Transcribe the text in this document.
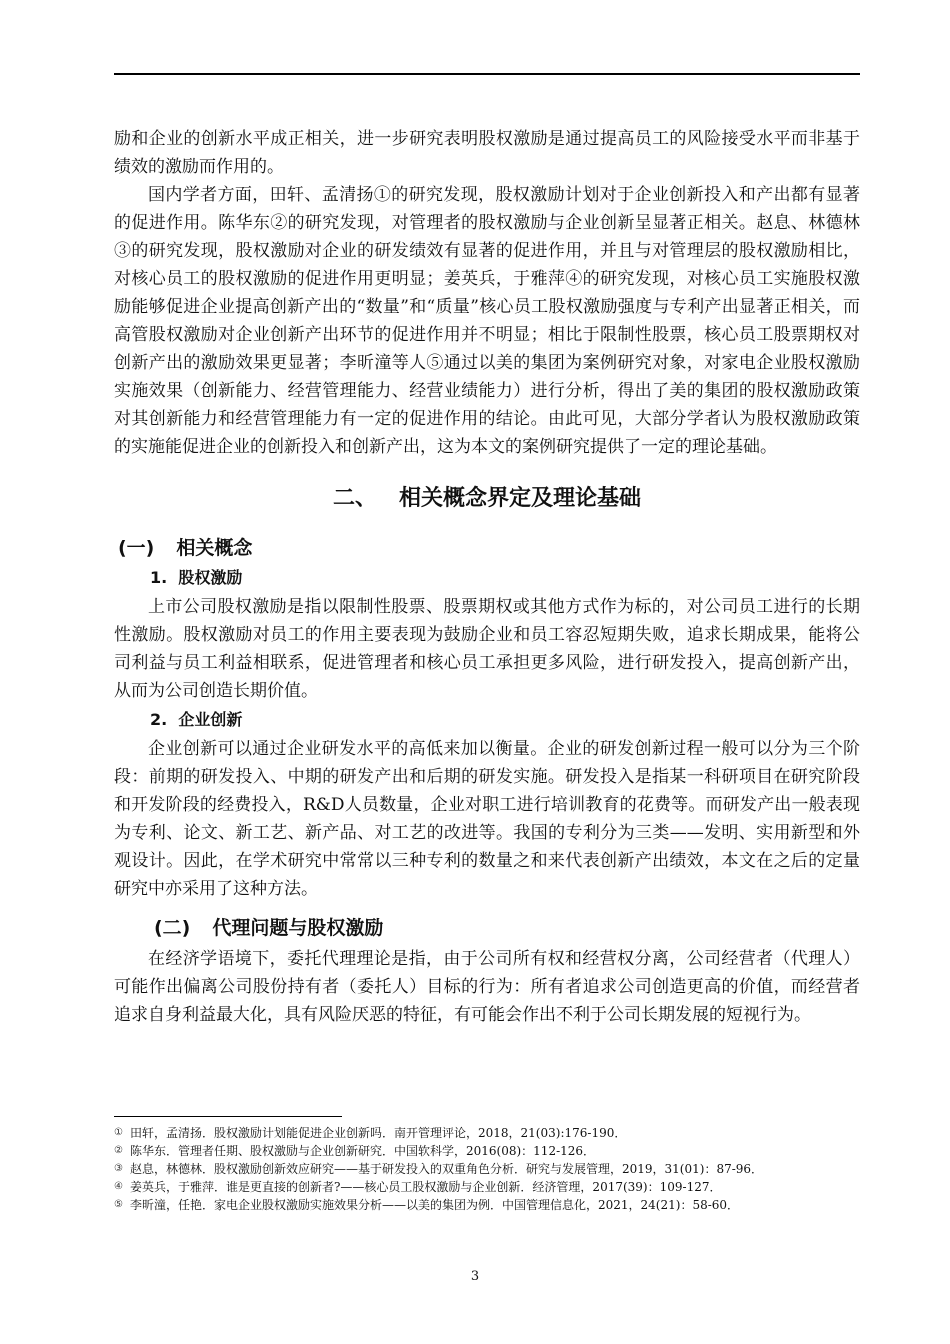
励和企业的创新水平成正相关，进一步研究表明股权激励是通过提高员工的风险接受水平而非基于绩效的激励而作用的。

国内学者方面，田轩、孟清扬①的研究发现，股权激励计划对于企业创新投入和产出都有显著的促进作用。陈华东②的研究发现，对管理者的股权激励与企业创新呈显著正相关。赵息、林德林③的研究发现，股权激励对企业的研发绩效有显著的促进作用，并且与对管理层的股权激励相比，对核心员工的股权激励的促进作用更明显；姜英兵，于雅萍④的研究发现，对核心员工实施股权激励能够促进企业提高创新产出的“数量”和“质量”核心员工股权激励强度与专利产出显著正相关，而高管股权激励对企业创新产出环节的促进作用并不明显；相比于限制性股票，核心员工股票期权对创新产出的激励效果更显著；李昕潼等人⑤通过以美的集团为案例研究对象，对家电企业股权激励实施效果（创新能力、经营管理能力、经营业绩能力）进行分析，得出了美的集团的股权激励政策对其创新能力和经营管理能力有一定的促进作用的结论。由此可见，大部分学者认为股权激励政策的实施能促进企业的创新投入和创新产出，这为本文的案例研究提供了一定的理论基础。

二、 相关概念界定及理论基础
(一) 相关概念
1. 股权激励

上市公司股权激励是指以限制性股票、股票期权或其他方式作为标的，对公司员工进行的长期性激励。股权激励对员工的作用主要表现为鼓励企业和员工容忍短期失败，追求长期成果，能将公司利益与员工利益相联系，促进管理者和核心员工承担更多风险，进行研发投入，提高创新产出，从而为公司创造长期价值。

2. 企业创新

企业创新可以通过企业研发水平的高低来加以衡量。企业的研发创新过程一般可以分为三个阶段：前期的研发投入、中期的研发产出和后期的研发实施。研发投入是指某一科研项目在研究阶段和开发阶段的经费投入，R&D人员数量，企业对职工进行培训教育的花费等。而研发产出一般表现为专利、论文、新工艺、新产品、对工艺的改进等。我国的专利分为三类——发明、实用新型和外观设计。因此，在学术研究中常常以三种专利的数量之和来代表创新产出绩效，本文在之后的定量研究中亦采用了这种方法。

(二) 代理问题与股权激励

在经济学语境下，委托代理理论是指，由于公司所有权和经营权分离，公司经营者（代理人）可能作出偏离公司股份持有者（委托人）目标的行为：所有者追求公司创造更高的价值，而经营者追求自身利益最大化，具有风险厌恶的特征，有可能会作出不利于公司长期发展的短视行为。

① 田轩，孟清扬．股权激励计划能促进企业创新吗．南开管理评论，2018，21(03):176-190．
② 陈华东．管理者任期、股权激励与企业创新研究．中国软科学，2016(08)：112-126．
③ 赵息，林德林．股权激励创新效应研究——基于研发投入的双重角色分析．研究与发展管理，2019，31(01)：87-96．
④ 姜英兵，于雅萍．谁是更直接的创新者?——核心员工股权激励与企业创新．经济管理，2017(39)：109-127．
⑤ 李昕潼，任艳．家电企业股权激励实施效果分析——以美的集团为例．中国管理信息化，2021，24(21)：58-60．
3
